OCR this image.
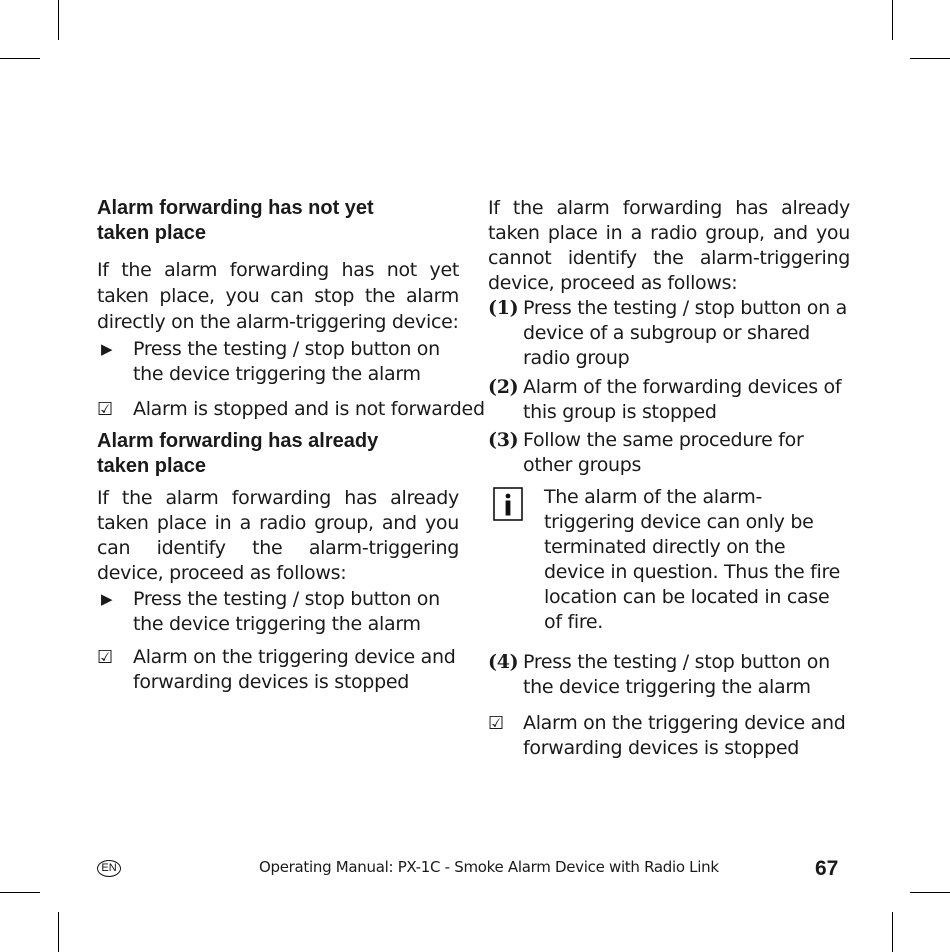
Alarm forwarding has not yet taken place

If the alarm forwarding has not yet taken place, you can stop the alarm directly on the alarm-triggering device:

▶ Press the testing / stop button on the device triggering the alarm
☑ Alarm is stopped and is not forwarded
Alarm forwarding has already taken place

If the alarm forwarding has already taken place in a radio group, and you can identify the alarm-triggering device, proceed as follows:

▶ Press the testing / stop button on the device triggering the alarm
☑ Alarm on the triggering device and forwarding devices is stopped

If the alarm forwarding has already taken place in a radio group, and you cannot identify the alarm-triggering device, proceed as follows:

(1) Press the testing / stop button on a device of a subgroup or shared radio group
(2) Alarm of the forwarding devices of this group is stopped
(3) Follow the same procedure for other groups
The alarm of the alarm-triggering device can only be terminated directly on the device in question. Thus the fire location can be located in case of fire.
(4) Press the testing / stop button on the device triggering the alarm
☑ Alarm on the triggering device and forwarding devices is stopped
EN	Operating Manual: PX-1C - Smoke Alarm Device with Radio Link	67
